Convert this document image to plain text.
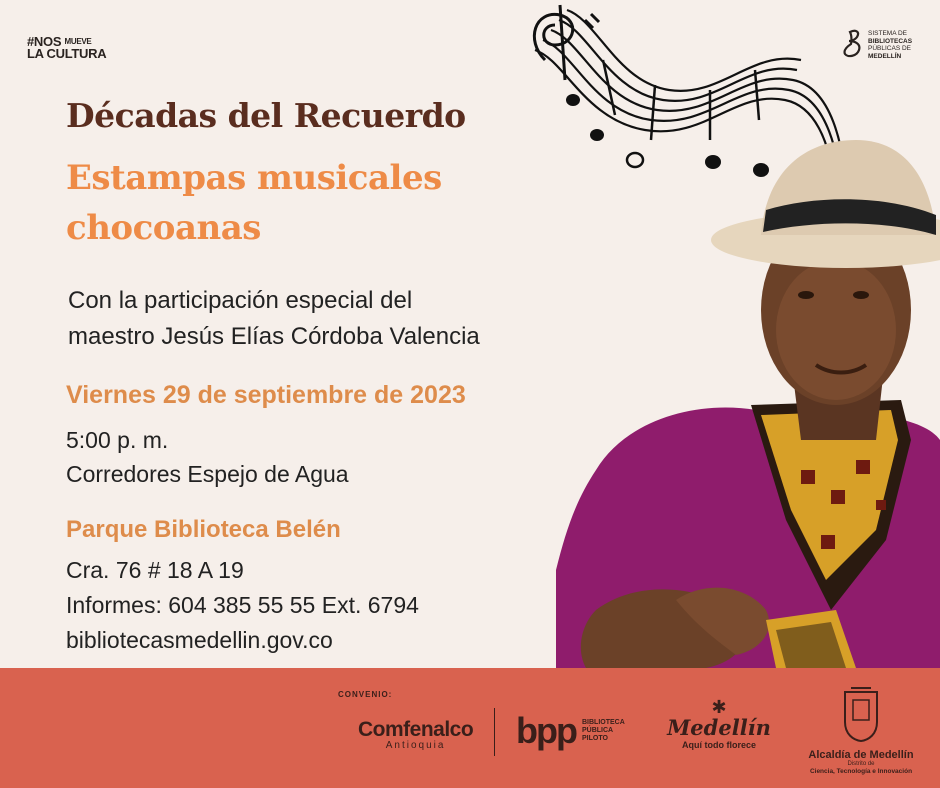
#NOS $^{MUEVE}$
LA CULTURA
SISTEMA DE
BIBLIOTECAS
PÚBLICAS DE
MEDELLÍN
Décadas del Recuerdo
Estampas musicales chocoanas
Con la participación especial del
maestro Jesús Elías Córdoba Valencia
Viernes 29 de septiembre de 2023
5:00 p. m.
Corredores Espejo de Agua
Parque Biblioteca Belén
Cra. 76 # 18 A 19
Informes: 604 385 55 55 Ext. 6794
bibliotecasmedellin.gov.co
CONVENIO:
Comfenalco
Antioquia	bpp BIBLIOTECA
PÚBLICA
PILOTO
✱
Medellín
Aquí todo florece
Alcaldía de Medellín
Distrito de
Ciencia, Tecnología e Innovación
